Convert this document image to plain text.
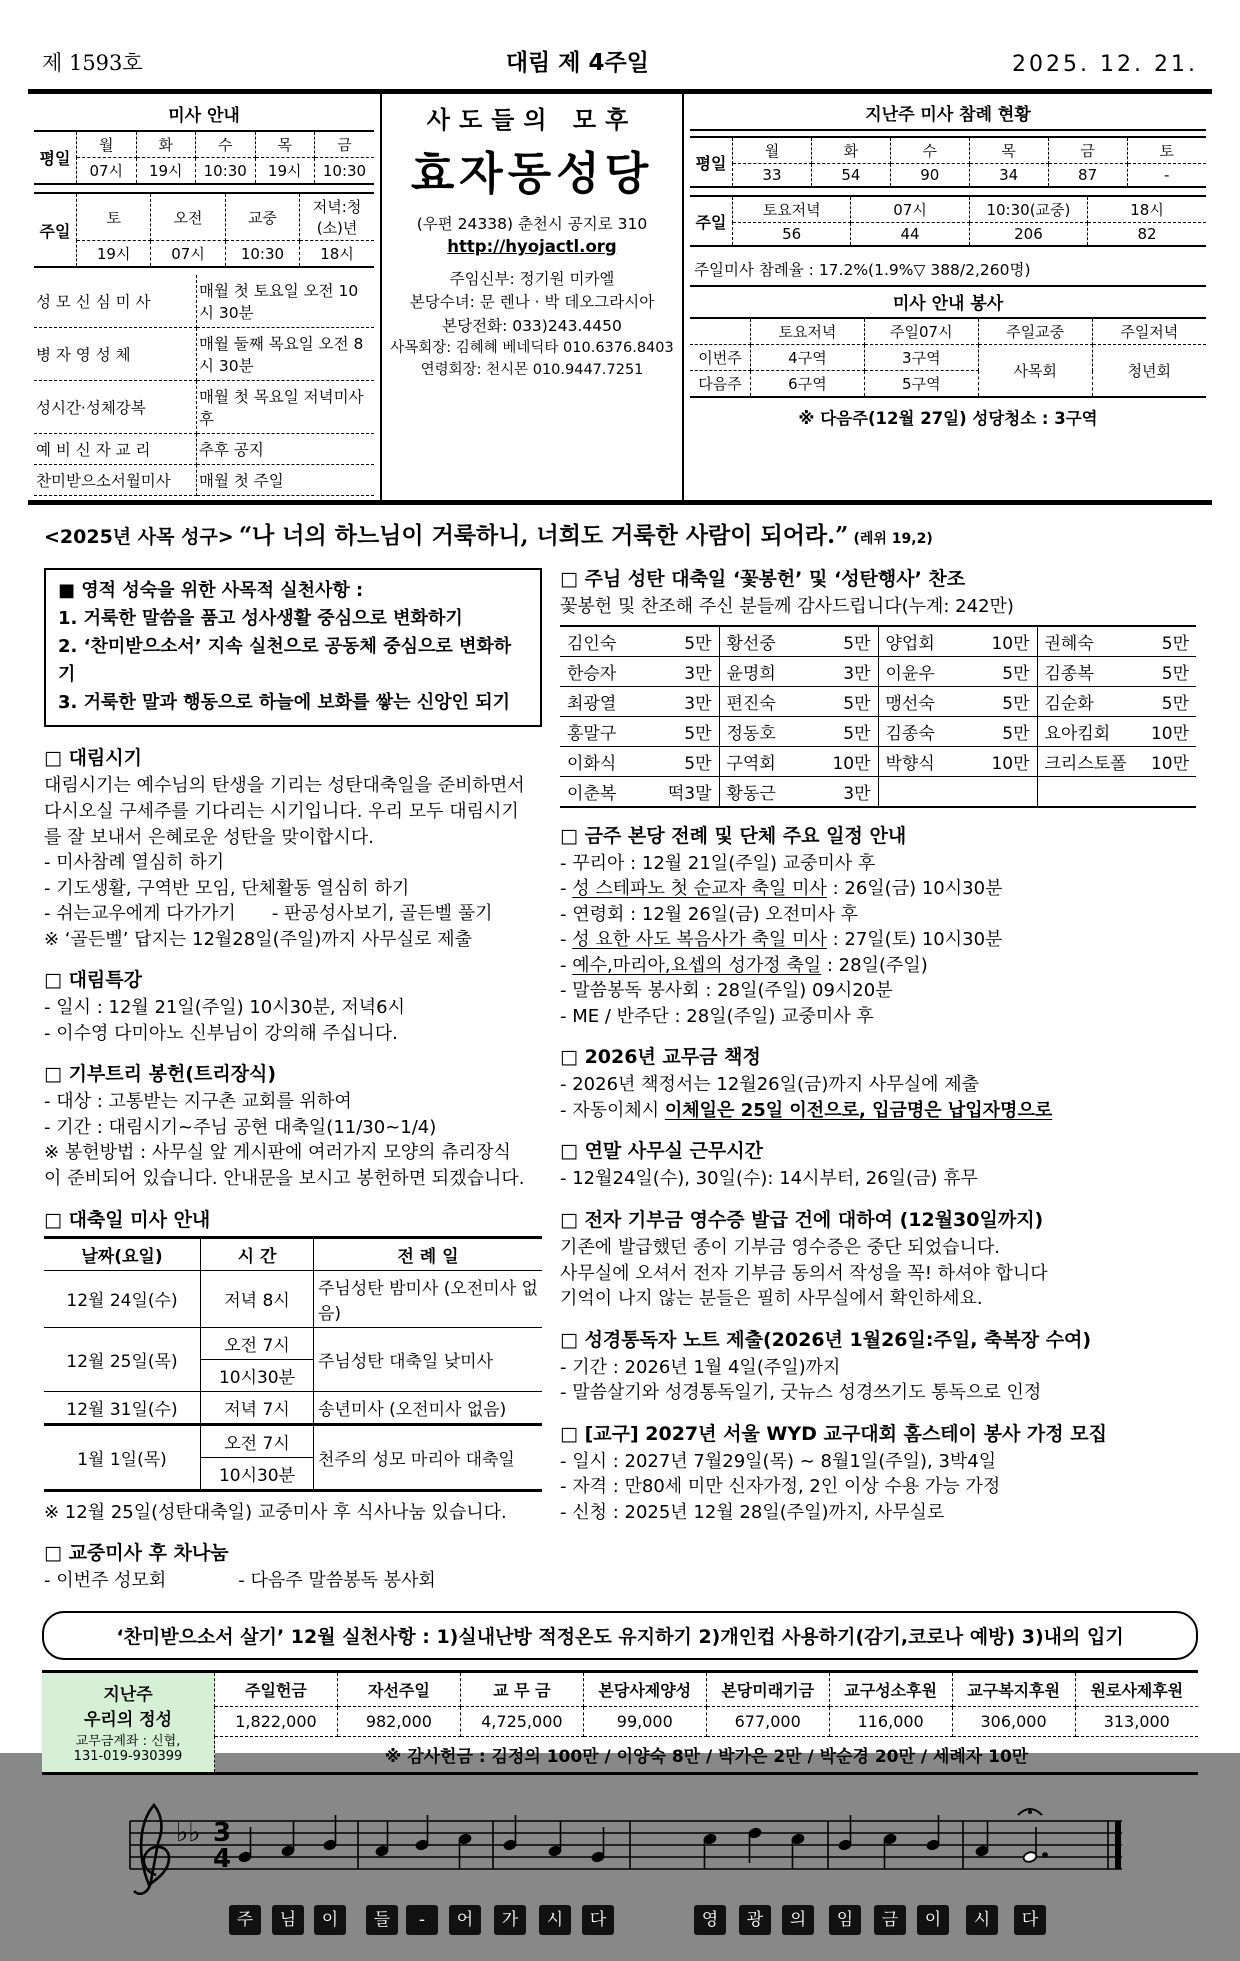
제 1593호	대림 제 4주일	2025. 12. 21.
미사 안내
평일	월	화	수	목	금
	07시	19시	10:30	19시	10:30
주일	토	오전	교중	저녁:청(소)년
	19시	07시	10:30	18시
성 모 신 심 미 사	매월 첫 토요일 오전 10시 30분
병 자 영 성 체	매월 둘째 목요일 오전 8시 30분
성시간·성체강복	매월 첫 목요일 저녁미사 후
예 비 신 자 교 리	추후 공지
찬미받으소서월미사	매월 첫 주일
사도들의 모후
효자동성당
(우편 24338) 춘천시 공지로 310
http://hyojactl.org
주임신부: 정기원 미카엘
본당수녀: 문 렌나 · 박 데오그라시아
본당전화: 033)243.4450
사목회장: 김혜혜 베네딕타 010.6376.8403
연령회장: 천시몬 010.9447.7251
지난주 미사 참례 현황
평일	월	화	수	목	금	토
	33	54	90	34	87	-
주일	토요저녁	07시	10:30(교중)	18시
	56	44	206	82
주일미사 참례율 : 17.2%(1.9%▽ 388/2,260명)
미사 안내 봉사
	토요저녁	주일07시	주일교중	주일저녁
이번주	4구역	3구역	사목회	청년회
다음주	6구역	5구역		
※ 다음주(12월 27일) 성당청소 : 3구역
<2025년 사목 성구> “나 너의 하느님이 거룩하니, 너희도 거룩한 사람이 되어라.” (레위 19,2)
■ 영적 성숙을 위한 사목적 실천사항 :
1. 거룩한 말씀을 품고 성사생활 중심으로 변화하기
2. ‘찬미받으소서’ 지속 실천으로 공동체 중심으로 변화하기
3. 거룩한 말과 행동으로 하늘에 보화를 쌓는 신앙인 되기
□ 대림시기
대림시기는 예수님의 탄생을 기리는 성탄대축일을 준비하면서
다시오실 구세주를 기다리는 시기입니다. 우리 모두 대림시기
를 잘 보내서 은혜로운 성탄을 맞이합시다.
- 미사참례 열심히 하기
- 기도생활, 구역반 모임, 단체활동 열심히 하기
- 쉬는교우에게 다가가기　　- 판공성사보기, 골든벨 풀기
※ ‘골든벨’ 답지는 12월28일(주일)까지 사무실로 제출
□ 대림특강
- 일시 : 12월 21일(주일) 10시30분, 저녁6시
- 이수영 다미아노 신부님이 강의해 주십니다.
□ 기부트리 봉헌(트리장식)
- 대상 : 고통받는 지구촌 교회를 위하여
- 기간 : 대림시기~주님 공현 대축일(11/30~1/4)
※ 봉헌방법 : 사무실 앞 게시판에 여러가지 모양의 츄리장식
이 준비되어 있습니다. 안내문을 보시고 봉헌하면 되겠습니다.
□ 대축일 미사 안내
날짜(요일)	시 간	전 례 일
12월 24일(수)	저녁 8시	주님성탄 밤미사 (오전미사 없음)
12월 25일(목)	오전 7시	주님성탄 대축일 낮미사
	10시30분	
12월 31일(수)	저녁 7시	송년미사 (오전미사 없음)
1월 1일(목)	오전 7시	천주의 성모 마리아 대축일
	10시30분	
※ 12월 25일(성탄대축일) 교중미사 후 식사나눔 있습니다.
□ 교중미사 후 차나눔
- 이번주 성모회　　　　- 다음주 말씀봉독 봉사회
□ 주님 성탄 대축일 ‘꽃봉헌’ 및 ‘성탄행사’ 찬조
꽃봉헌 및 찬조해 주신 분들께 감사드립니다(누계: 242만)
김인숙 5만	황선중 5만	양업회 10만	권혜숙 5만

한승자 3만	윤명희 3만	이윤우 5만	김종복 5만

최광열 3만	편진숙 5만	맹선숙 5만	김순화 5만

홍말구 5만	정동호 5만	김종숙 5만	요아킴회 10만

이화식 5만	구역회 10만	박향식 10만	크리스토폴 10만

이춘복 떡3말	황동근 3만		

□ 금주 본당 전례 및 단체 주요 일정 안내
- 꾸리아 : 12월 21일(주일) 교중미사 후
- 성 스테파노 첫 순교자 축일 미사 : 26일(금) 10시30분
- 연령회 : 12월 26일(금) 오전미사 후
- 성 요한 사도 복음사가 축일 미사 : 27일(토) 10시30분
- 예수,마리아,요셉의 성가정 축일 : 28일(주일)
- 말씀봉독 봉사회 : 28일(주일) 09시20분
- ME / 반주단 : 28일(주일) 교중미사 후
□ 2026년 교무금 책정
- 2026년 책정서는 12월26일(금)까지 사무실에 제출
- 자동이체시 이체일은 25일 이전으로, 입금명은 납입자명으로
□ 연말 사무실 근무시간
- 12월24일(수), 30일(수): 14시부터, 26일(금) 휴무
□ 전자 기부금 영수증 발급 건에 대하여 (12월30일까지)
기존에 발급했던 종이 기부금 영수증은 중단 되었습니다.
사무실에 오셔서 전자 기부금 동의서 작성을 꼭! 하셔야 합니다
기억이 나지 않는 분들은 필히 사무실에서 확인하세요.
□ 성경통독자 노트 제출(2026년 1월26일:주일, 축복장 수여)
- 기간 : 2026년 1월 4일(주일)까지
- 말씀살기와 성경통독일기, 굿뉴스 성경쓰기도 통독으로 인정
□ [교구] 2027년 서울 WYD 교구대회 홈스테이 봉사 가정 모집
- 일시 : 2027년 7월29일(목) ~ 8월1일(주일), 3박4일
- 자격 : 만80세 미만 신자가정, 2인 이상 수용 가능 가정
- 신청 : 2025년 12월 28일(주일)까지, 사무실로
‘찬미받으소서 살기’ 12월 실천사항 : 1)실내난방 적정온도 유지하기 2)개인컵 사용하기(감기,코로나 예방) 3)내의 입기
지난주
우리의 정성
교무금계좌 : 신협,
131-019-930399	주일헌금	자선주일	교 무 금	본당사제양성	본당미래기금	교구성소후원	교구복지후원	원로사제후원
	1,822,000	982,000	4,725,000	99,000	677,000	116,000	306,000	313,000
	※ 감사헌금 : 김정의 100만 / 이양숙 8만 / 박가은 2만 / 박순경 20만 / 세례자 10만							
♭♭ 3
4
주	님	이	들	-	어	가	시	다	영	광	의	임	금	이	시	다
